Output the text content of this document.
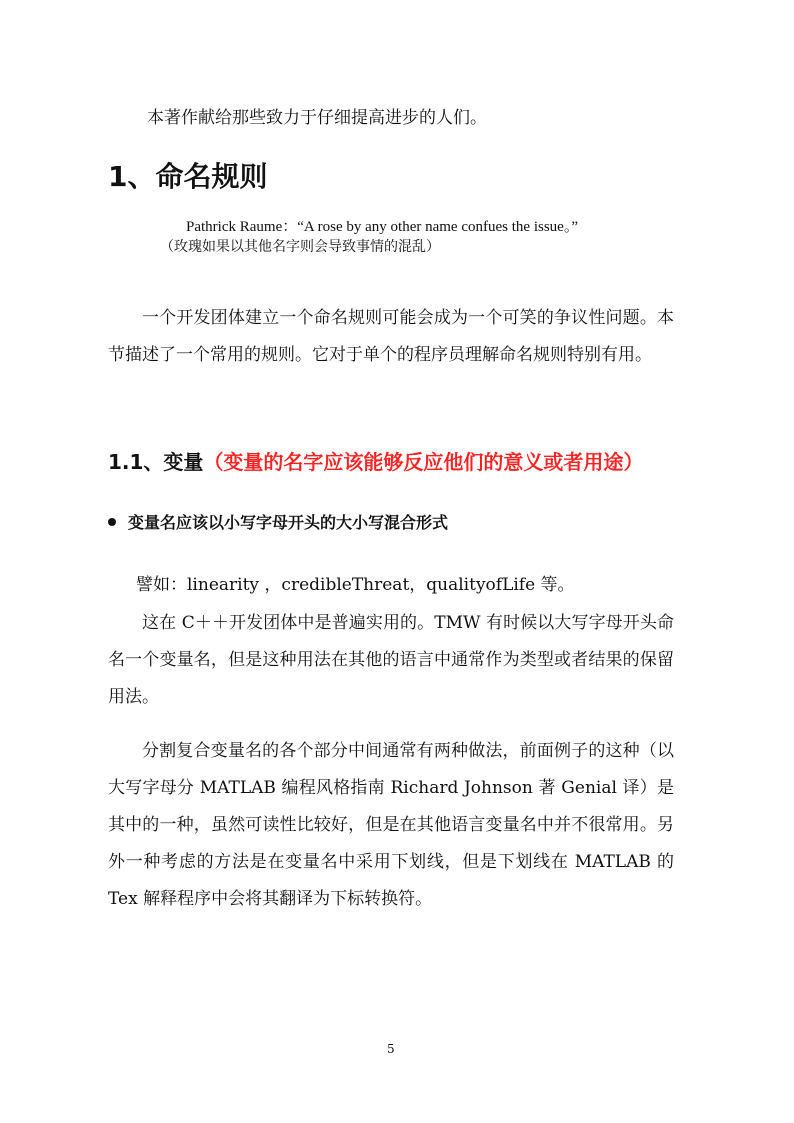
本著作献给那些致力于仔细提高进步的人们。
1、命名规则
Pathrick Raume：“A rose by any other name confues the issue。”
（玫瑰如果以其他名字则会导致事情的混乱）
一个开发团体建立一个命名规则可能会成为一个可笑的争议性问题。本节描述了一个常用的规则。它对于单个的程序员理解命名规则特别有用。
1.1、变量（变量的名字应该能够反应他们的意义或者用途）
变量名应该以小写字母开头的大小写混合形式
譬如：linearity ，credibleThreat，qualityofLife 等。
这在 C＋＋开发团体中是普遍实用的。TMW 有时候以大写字母开头命名一个变量名，但是这种用法在其他的语言中通常作为类型或者结果的保留用法。
分割复合变量名的各个部分中间通常有两种做法，前面例子的这种（以大写字母分 MATLAB 编程风格指南 Richard Johnson 著 Genial 译）是其中的一种，虽然可读性比较好，但是在其他语言变量名中并不很常用。另外一种考虑的方法是在变量名中采用下划线，但是下划线在 MATLAB 的 Tex 解释程序中会将其翻译为下标转换符。
5
